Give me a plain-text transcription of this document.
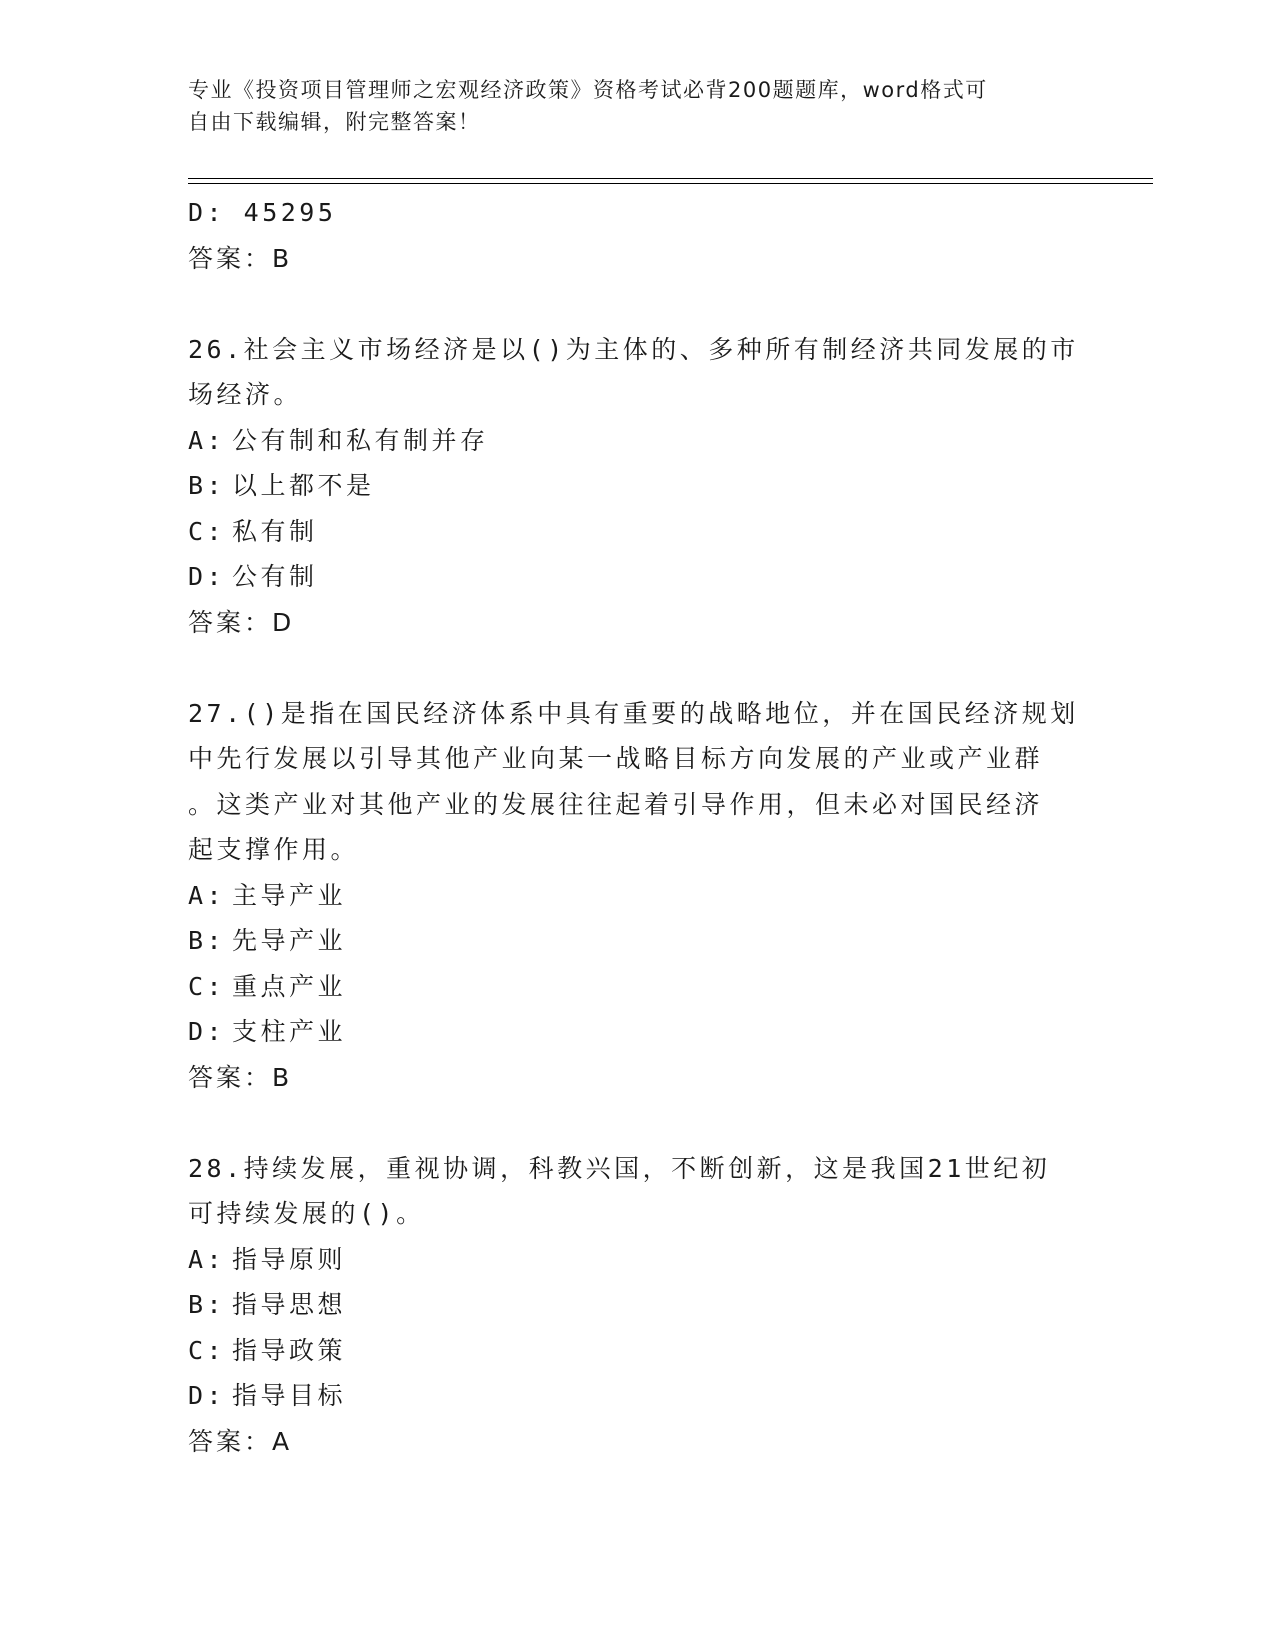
专业《投资项目管理师之宏观经济政策》资格考试必背200题题库，word格式可
自由下载编辑，附完整答案！
D: 45295
答案：B
26.社会主义市场经济是以()为主体的、多种所有制经济共同发展的市
场经济。
A: 公有制和私有制并存
B: 以上都不是
C: 私有制
D: 公有制
答案：D
27.()是指在国民经济体系中具有重要的战略地位，并在国民经济规划
中先行发展以引导其他产业向某一战略目标方向发展的产业或产业群
。这类产业对其他产业的发展往往起着引导作用，但未必对国民经济
起支撑作用。
A: 主导产业
B: 先导产业
C: 重点产业
D: 支柱产业
答案：B
28.持续发展，重视协调，科教兴国，不断创新，这是我国21世纪初
可持续发展的()。
A: 指导原则
B: 指导思想
C: 指导政策
D: 指导目标
答案：A
